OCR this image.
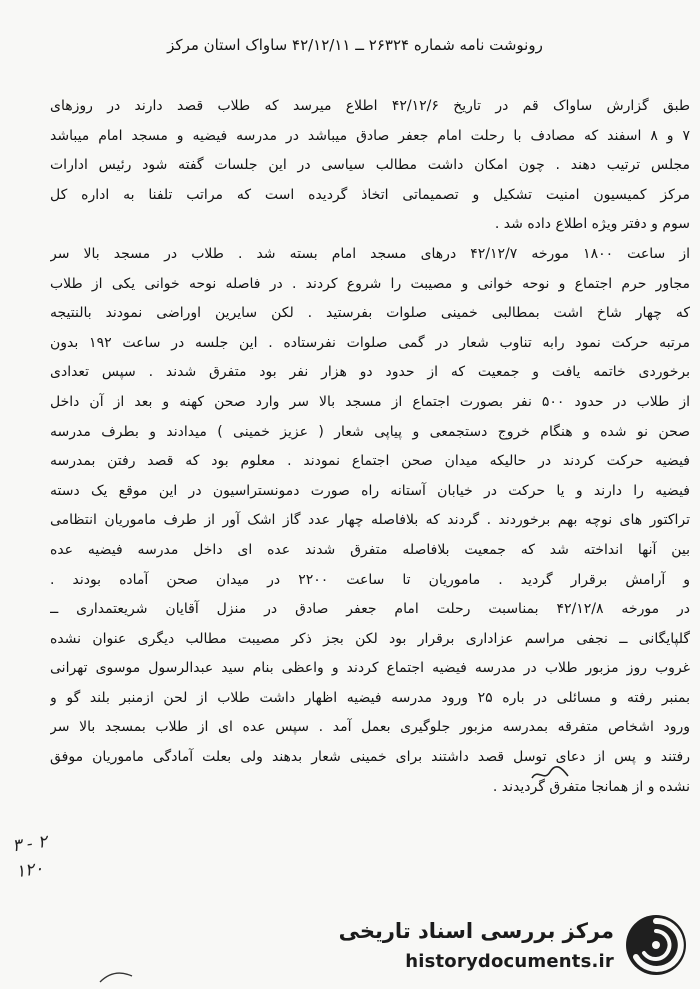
رونوشت نامه شماره ۲۶۳۲۴ ــ ۴۲/۱۲/۱۱ ساواک استان مرکز
طبق گزارش ساواک قم در تاریخ ۴۲/۱۲/۶ اطلاع میرسد که طلاب قصد دارند در روزهای
۷ و ۸ اسفند که مصادف با رحلت امام جعفر صادق میباشد در مدرسه فیضیه و مسجد امام میباشد
مجلس ترتیب دهند . چون امکان داشت مطالب سیاسی در این جلسات گفته شود رئیس ادارات
مرکز کمیسیون امنیت تشکیل و تصمیماتی اتخاذ گردیده است که مراتب تلفنا به اداره کل
سوم و دفتر ویژه اطلاع داده شد .
از ساعت ۱۸۰۰ مورخه ۴۲/۱۲/۷ درهای مسجد امام بسته شد . طلاب در مسجد بالا سر
مجاور حرم اجتماع و نوحه خوانی و مصیبت را شروع کردند . در فاصله نوحه خوانی یکی از طلاب
که چهار شاخ اشت بمطالبی خمینی صلوات بفرستید . لکن سایرین اوراضی نمودند بالنتیجه
مرتبه حرکت نمود رابه تناوب شعار در گمی صلوات نفرستاده . این جلسه در ساعت ۱۹۲ بدون
برخوردی خاتمه یافت و جمعیت که از حدود دو هزار نفر بود متفرق شدند . سپس تعدادی
از طلاب در حدود ۵۰۰ نفر بصورت اجتماع از مسجد بالا سر وارد صحن کهنه و بعد از آن داخل
صحن نو شده و هنگام خروج دستجمعی و پیاپی شعار ( عزیز خمینی ) میدادند و بطرف مدرسه
فیضیه حرکت کردند در حالیکه میدان صحن اجتماع نمودند . معلوم بود که قصد رفتن بمدرسه
فیضیه را دارند و یا حرکت در خیابان آستانه راه صورت دمونستراسیون در این موقع یک دسته
تراکتور های نوچه بهم برخوردند . گردند که بلافاصله چهار عدد گاز اشک آور از طرف ماموریان انتظامی
بین آنها انداخته شد که جمعیت بلافاصله متفرق شدند عده ای داخل مدرسه فیضیه عده
و آرامش برقرار گردید . ماموریان تا ساعت ۲۲۰۰ در میدان صحن آماده بودند .
در مورخه ۴۲/۱۲/۸ بمناسبت رحلت امام جعفر صادق در منزل آقایان شریعتمداری ــ
گلپایگانی ــ نجفی مراسم عزاداری برقرار بود لکن بجز ذکر مصیبت مطالب دیگری عنوان نشده
غروب روز مزبور طلاب در مدرسه فیضیه اجتماع کردند و واعظی بنام سید عبدالرسول موسوی تهرانی
بمنبر رفته و مسائلی در باره ۲۵ ورود مدرسه فیضیه اظهار داشت طلاب از لحن ازمنبر بلند گو و
ورود اشخاص متفرقه بمدرسه مزبور جلوگیری بعمل آمد . سپس عده ای از طلاب بمسجد بالا سر
رفتند و پس از دعای توسل قصد داشتند برای خمینی شعار بدهند ولی بعلت آمادگی ماموریان موفق
نشده و از همانجا متفرق گردیدند .
۳ - ۲
۱۲۰
مرکز بررسی اسناد تاریخی
historydocuments.ir
